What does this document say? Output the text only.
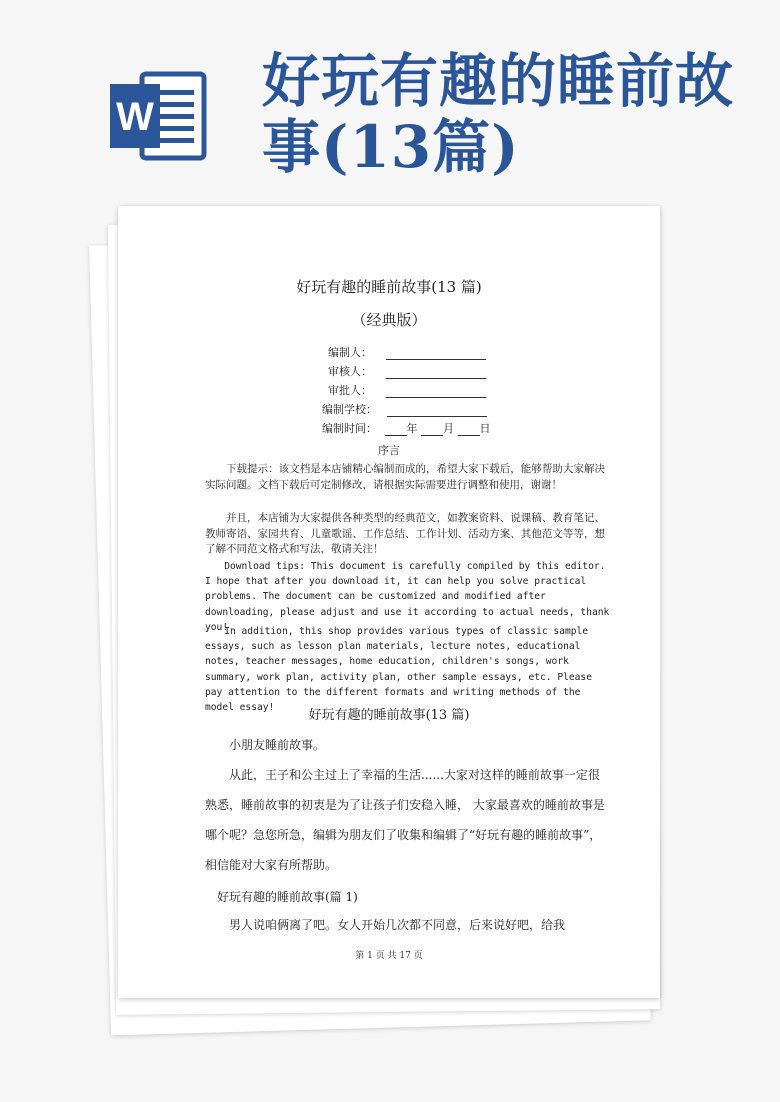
W
好玩有趣的睡前故事(13篇)
好玩有趣的睡前故事(13 篇)
（经典版）
编制人：
审核人：
审批人：
编制学校：
编制时间：	年 月 日
序言

下载提示：该文档是本店铺精心编制而成的，希望大家下载后，能够帮助大家解决实际问题。文档下载后可定制修改，请根据实际需要进行调整和使用，谢谢！

并且，本店铺为大家提供各种类型的经典范文，如教案资料、说课稿、教育笔记、教师寄语、家园共育、儿童歌谣、工作总结、工作计划、活动方案、其他范文等等，想了解不同范文格式和写法，敬请关注！

Download tips: This document is carefully compiled by this editor. I hope that after you download it, it can help you solve practical problems. The document can be customized and modified after downloading, please adjust and use it according to actual needs, thank you!

In addition, this shop provides various types of classic sample essays, such as lesson plan materials, lecture notes, educational notes, teacher messages, home education, children's songs, work summary, work plan, activity plan, other sample essays, etc. Please pay attention to the different formats and writing methods of the model essay!

好玩有趣的睡前故事(13 篇)

小朋友睡前故事。

从此，王子和公主过上了幸福的生活......大家对这样的睡前故事一定很熟悉，睡前故事的初衷是为了让孩子们安稳入睡， 大家最喜欢的睡前故事是哪个呢？急您所急，编辑为朋友们了收集和编辑了“好玩有趣的睡前故事”，相信能对大家有所帮助。

好玩有趣的睡前故事(篇 1)

男人说咱俩离了吧。女人开始几次都不同意，后来说好吧，给我

第 1 页 共 17 页
